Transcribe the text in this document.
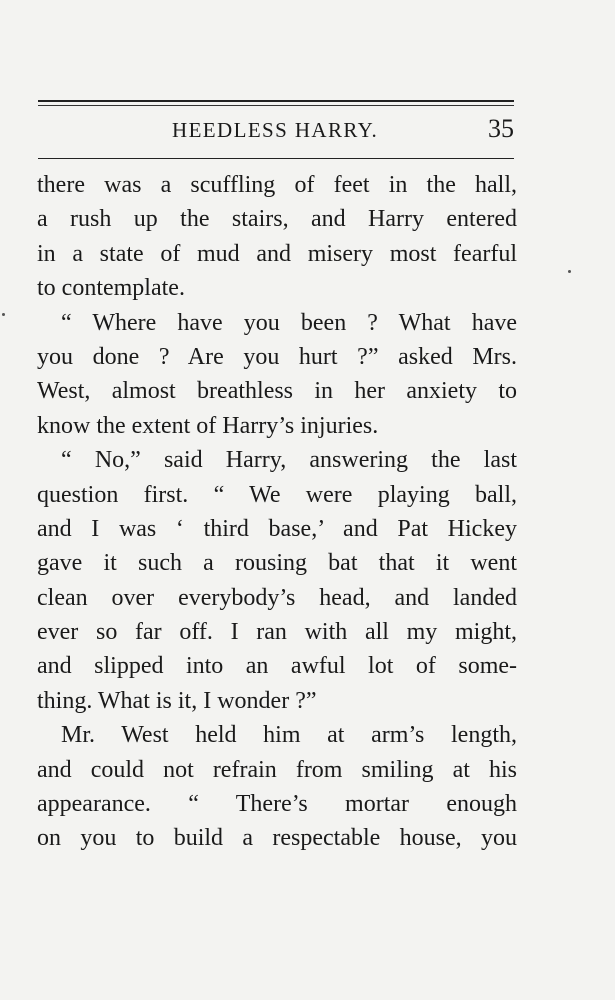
HEEDLESS HARRY.	35
there was a scuffling of feet in the hall,
a rush up the stairs, and Harry entered
in a state of mud and misery most fearful
to contemplate.
“ Where have you been ? What have
you done ? Are you hurt ?” asked Mrs.
West, almost breathless in her anxiety to
know the extent of Harry’s injuries.
“ No,” said Harry, answering the last
question first. “ We were playing ball,
and I was ‘ third base,’ and Pat Hickey
gave it such a rousing bat that it went
clean over everybody’s head, and landed
ever so far off. I ran with all my might,
and slipped into an awful lot of some-
thing. What is it, I wonder ?”
Mr. West held him at arm’s length,
and could not refrain from smiling at his
appearance. “ There’s mortar enough
on you to build a respectable house, you
